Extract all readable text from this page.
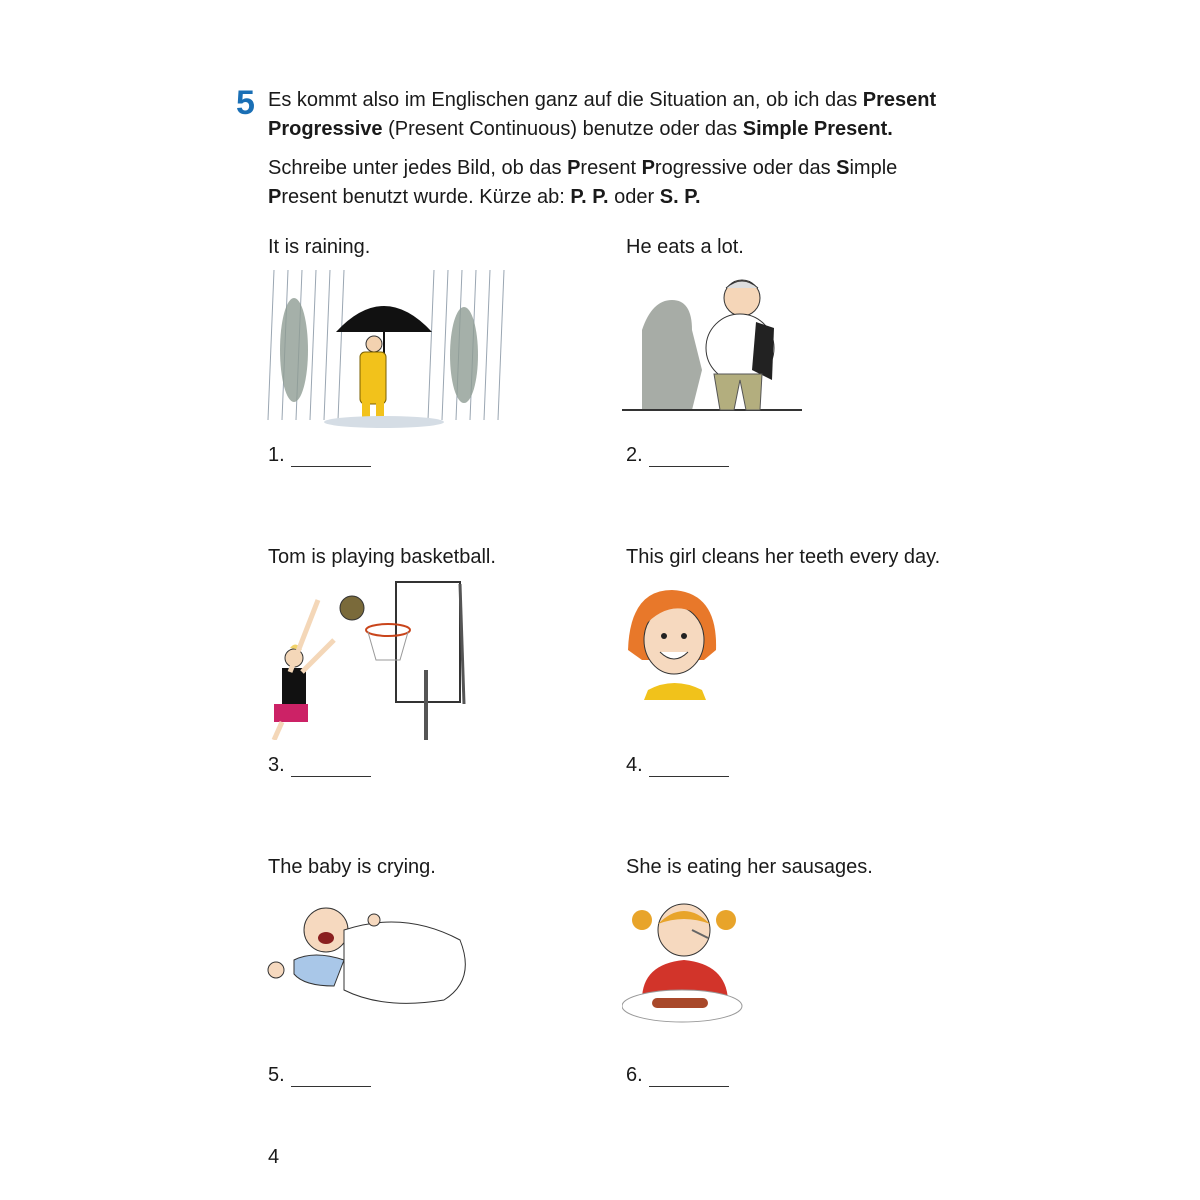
5 Es kommt also im Englischen ganz auf die Situation an, ob ich das Present Progressive (Present Continuous) benutze oder das Simple Present.
Schreibe unter jedes Bild, ob das Present Progressive oder das Simple Present benutzt wurde. Kürze ab: P. P. oder S. P.
It is raining.
1.
He eats a lot.
2.
Tom is playing basketball.
3.
This girl cleans her teeth every day.
4.
The baby is crying.
5.
She is eating her sausages.
6.
4
